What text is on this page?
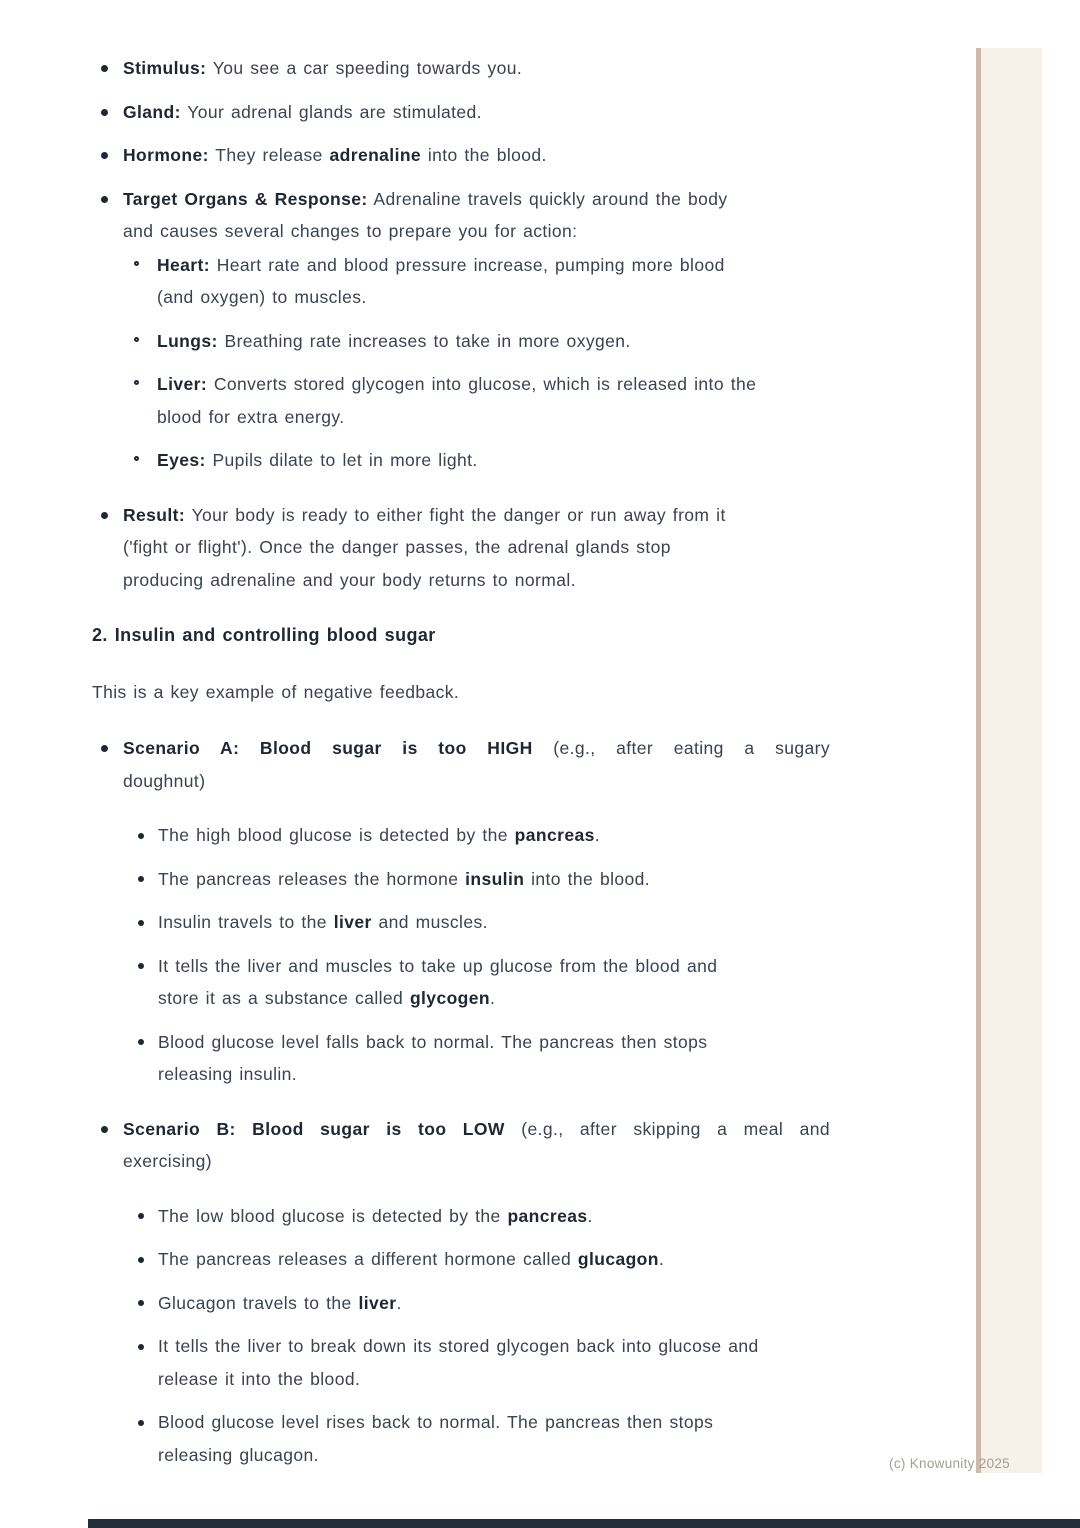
Stimulus: You see a car speeding towards you.
Gland: Your adrenal glands are stimulated.
Hormone: They release adrenaline into the blood.
Target Organs & Response: Adrenaline travels quickly around the body
and causes several changes to prepare you for action:
Heart: Heart rate and blood pressure increase, pumping more blood
(and oxygen) to muscles.
Lungs: Breathing rate increases to take in more oxygen.
Liver: Converts stored glycogen into glucose, which is released into the
blood for extra energy.
Eyes: Pupils dilate to let in more light.
Result: Your body is ready to either fight the danger or run away from it
('fight or flight'). Once the danger passes, the adrenal glands stop
producing adrenaline and your body returns to normal.
2. Insulin and controlling blood sugar
This is a key example of negative feedback.
Scenario A: Blood sugar is too HIGH (e.g., after eating a sugary
doughnut)
The high blood glucose is detected by the pancreas.
The pancreas releases the hormone insulin into the blood.
Insulin travels to the liver and muscles.
It tells the liver and muscles to take up glucose from the blood and
store it as a substance called glycogen.
Blood glucose level falls back to normal. The pancreas then stops
releasing insulin.
Scenario B: Blood sugar is too LOW (e.g., after skipping a meal and
exercising)
The low blood glucose is detected by the pancreas.
The pancreas releases a different hormone called glucagon.
Glucagon travels to the liver.
It tells the liver to break down its stored glycogen back into glucose and
release it into the blood.
Blood glucose level rises back to normal. The pancreas then stops
releasing glucagon.	(c) Knowunity 2025
